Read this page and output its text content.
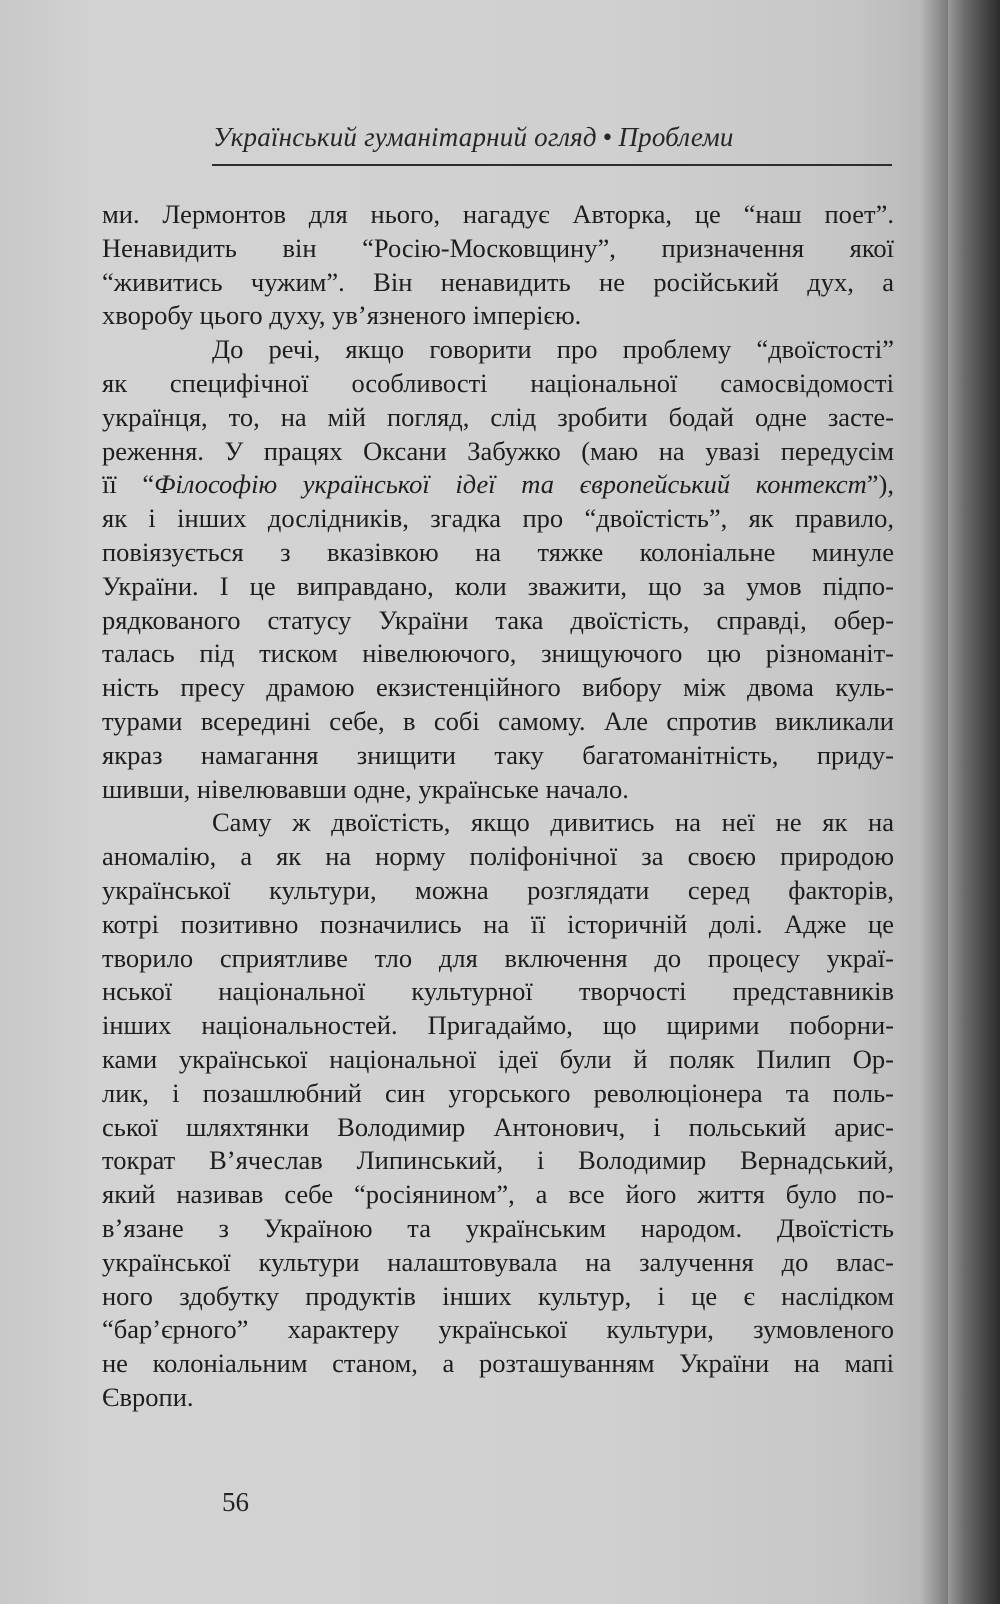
Український гуманітарний огляд • Проблеми
ми. Лермонтов для нього, нагадує Авторка, це “наш поет”.
Ненавидить він “Росію-Московщину”, призначення якої
“живитись чужим”. Він ненавидить не російський дух, а
хворобу цього духу, ув’язненого імперією.
До речі, якщо говорити про проблему “двоїстості”
як специфічної особливості національної самосвідомості
українця, то, на мій погляд, слід зробити бодай одне засте-
реження. У працях Оксани Забужко (маю на увазі передусім
її “Філософію української ідеї та європейський контекст”),
як і інших дослідників, згадка про “двоїстість”, як правило,
повіязується з вказівкою на тяжке колоніальне минуле
України. І це виправдано, коли зважити, що за умов підпо-
рядкованого статусу України така двоїстість, справді, обер-
талась під тиском нівелюючого, знищуючого цю різноманіт-
ність пресу драмою екзистенційного вибору між двома куль-
турами всередині себе, в собі самому. Але спротив викликали
якраз намагання знищити таку багатоманітність, приду-
шивши, нівелювавши одне, українське начало.
Саму ж двоїстість, якщо дивитись на неї не як на
аномалію, а як на норму поліфонічної за своєю природою
української культури, можна розглядати серед факторів,
котрі позитивно позначились на її історичній долі. Адже це
творило сприятливе тло для включення до процесу украї-
нської національної культурної творчості представників
інших національностей. Пригадаймо, що щирими поборни-
ками української національної ідеї були й поляк Пилип Ор-
лик, і позашлюбний син угорського революціонера та поль-
ської шляхтянки Володимир Антонович, і польський арис-
тократ В’ячеслав Липинський, і Володимир Вернадський,
який називав себе “росіянином”, а все його життя було по-
в’язане з Україною та українським народом. Двоїстість
української культури налаштовувала на залучення до влас-
ного здобутку продуктів інших культур, і це є наслідком
“бар’єрного” характеру української культури, зумовленого
не колоніальним станом, а розташуванням України на мапі
Європи.
56
